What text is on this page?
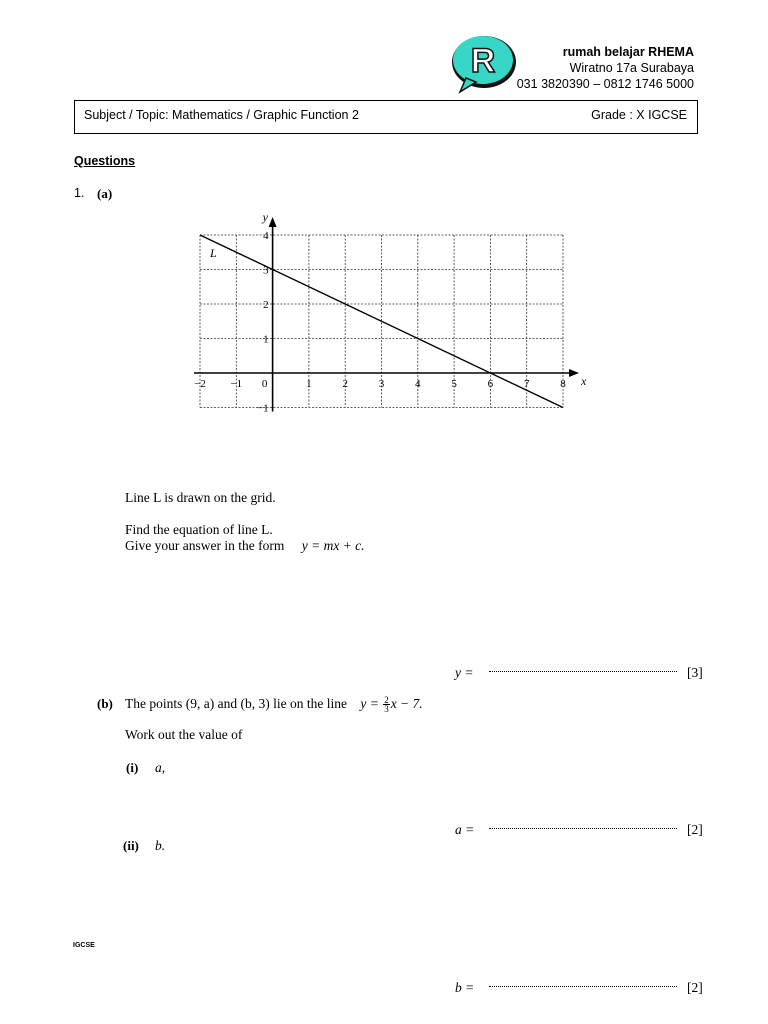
R	rumah belajar RHEMA
Wiratno 17a Surabaya
031 3820390 – 0812 1746 5000
Subject / Topic: Mathematics / Graphic Function 2	Grade : X IGCSE
Questions
1. (a)
x
y
−2 −1 0	1	2	3	4	5	6	7	8
−1
1
2
3
4
L
Line L is drawn on the grid.
Find the equation of line L.
Give your answer in the form y = mx + c.
y =	[3]
(b) The points (9, a) and (b, 3) lie on the line $y = \frac{2}{3}$ x − 7.
Work out the value of
(i) a,
a =	[2]
(ii) b.
IGCSE
b =	[2]
